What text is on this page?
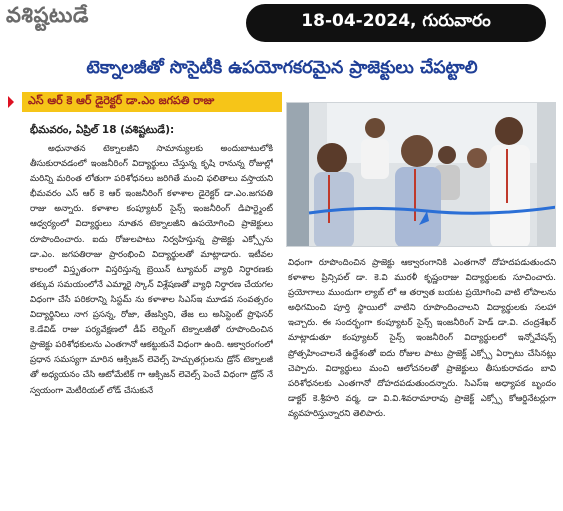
వశిష్టటుడే	18-04-2024, గురువారం
టెక్నాలజీతో సొసైటీకి ఉపయోగకరమైన ప్రాజెక్టులు చేపట్టాలి
ఎస్ ఆర్ కె ఆర్ డైరెక్టర్ డా.ఎం జగపతి రాజు
భీమవరం, ఏప్రిల్ 18 (వశిష్టటుడే):
అధునాతన టెక్నాలజీని సామాన్యులకు అందుబాటులోకి తీసుకురావడంలో ఇంజనీరింగ్ విద్యార్థులు చేస్తున్న కృషి రానున్న రోజుల్లో మరిన్ని మరింత లోతుగా పరిశోధనలు జరిగితే మంచి ఫలితాలు వస్తాయని భీమవరం ఎస్ ఆర్ కె ఆర్ ఇంజనీరింగ్ కళాశాల డైరెక్టర్ డా.ఎం.జగపతి రాజు అన్నారు. కళాశాల కంప్యూటర్ సైన్స్ ఇంజనీరింగ్ డిపార్ట్మెంట్ ఆధ్వర్యంలో విద్యార్థులు నూతన టెక్నాలజీని ఉపయోగించి ప్రాజెక్టులు రూపొందించారు. ఐదు రోజులపాటు నిర్వహిస్తున్న ప్రాజెక్టు ఎక్స్పోను డా.ఎం. జగపతిరాజు ప్రారంభించి విద్యార్థులతో మాట్లాడారు. ఇటీవల కాలంలో విస్తృతంగా విస్తరిస్తున్న బ్రెయిన్ ట్యూమర్ వ్యాధి నిర్ధారణకు తక్కువ సమయంలోనే ఎమ్మారై స్కాన్ విశ్లేషణతో వ్యాధి నిర్ధారణ చేయగల విధంగా చేసే పరికరాన్ని సిస్టమ్ ను కళాశాల సిఎస్ఇ మూడవ సంవత్సరం విద్యార్థినిలు నాగ ప్రసన్న, రోజా, తేజస్విని, తేజ లు అసిస్టెంట్ ప్రొఫెసర్ కె.డేవిడ్ రాజు పర్యవేక్షణలో డీప్ లెర్నింగ్ టెక్నాలజీతో రూపొందించిన ప్రాజెక్టు పరిశోధకులను ఎంతగానో ఆకట్టుకునే విధంగా ఉంది. ఆక్వారంగంలో ప్రధాన సమస్యగా మారిన ఆక్సిజన్ లెవెల్స్ హెచ్చుతగ్గులను డ్రోన్ టెక్నాలజీ తో అధ్యయనం చేసి ఆటోమేటిక్ గా ఆక్సిజన్ లెవెల్స్ పెంచే విధంగా డ్రోన్ నే స్వయంగా మెటీరియల్ లోడ్ చేసుకునే
విధంగా రూపొందించిన ప్రాజెక్టు ఆక్వారంగానికి ఎంతగానో దోహదపడుతుందని కళాశాల ప్రిన్సిపల్ డా. కె.వి మురళీ కృష్ణంరాజు విద్యార్థులకు సూచించారు. ప్రయోగాలు ముందుగా ల్యాబ్ లో ఆ తర్వాత బయట ప్రయోగించి వాటి లోపాలను అధిగమించి పూర్తి స్థాయిలో వాటిని రూపొందించాలని విద్యార్థులకు సలహా ఇచ్చారు. ఈ సందర్భంగా కంప్యూటర్ సైన్స్ ఇంజనీరింగ్ హెడ్ డా.వి. చంద్రశేఖర్ మాట్లాడుతూ కంప్యూటర్ సైన్స్ ఇంజనీరింగ్ విద్యార్థులలో ఇన్నోవేషన్స్ ప్రోత్సహించాలనే ఉద్దేశంతో ఐదు రోజుల పాటు ప్రాజెక్ట్ ఎక్స్పో ఏర్పాటు చేసినట్లు చెప్పారు. విద్యార్థులు మంచి ఆలోచనలతో ప్రాజెక్టులు తీసుకురావడం బావి పరిశోధనలకు ఎంతగానో దోహదపడుతుందన్నారు. సిఎస్ఇ అధ్యాపక బృందం డాక్టర్ కె.శ్రీహరి వర్మ, డా వి.వి.శివరామారావు ప్రాజెక్ట్ ఎక్స్పో కోఆర్డినేటర్లుగా వ్యవహరిస్తున్నారని తెలిపారు.
